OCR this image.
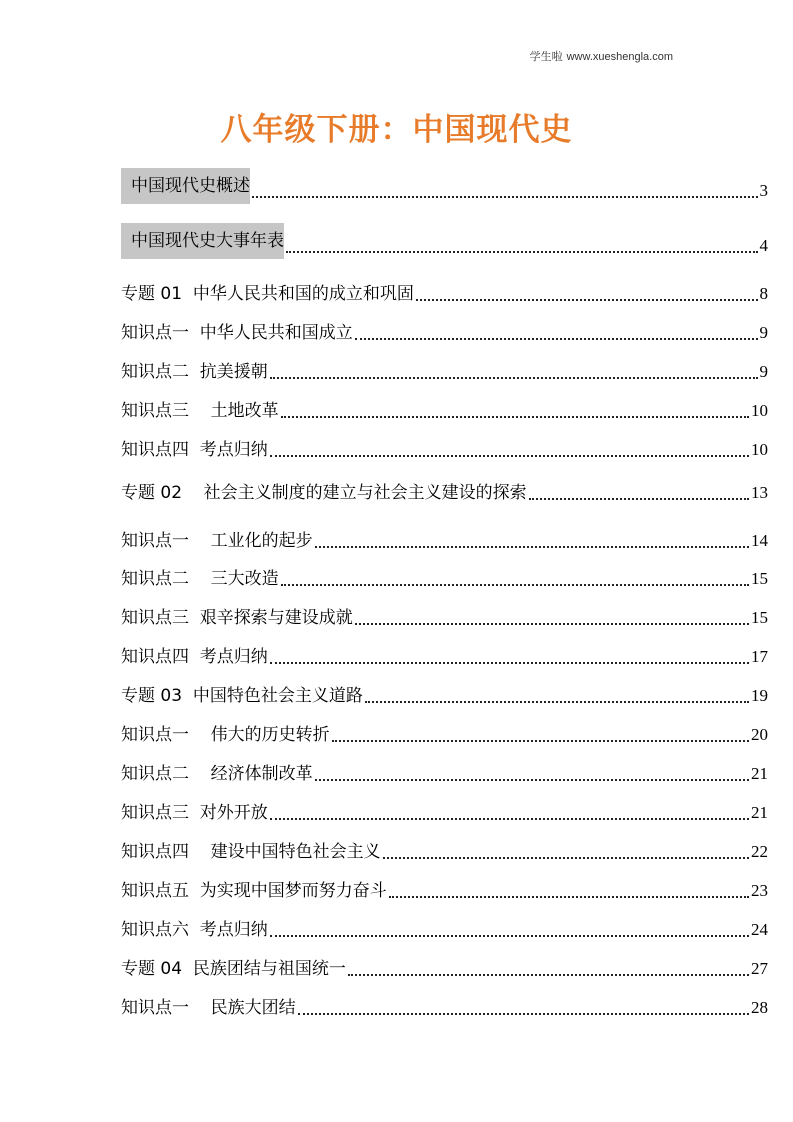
学生啦 www.xueshengla.com
八年级下册：中国现代史
中国现代史概述	3
中国现代史大事年表	4
专题 01  中华人民共和国的成立和巩固	8
知识点一  中华人民共和国成立	9
知识点二  抗美援朝	9
知识点三    土地改革	10
知识点四  考点归纳	10
专题 02    社会主义制度的建立与社会主义建设的探索	13
知识点一    工业化的起步	14
知识点二    三大改造	15
知识点三  艰辛探索与建设成就	15
知识点四  考点归纳	17
专题 03  中国特色社会主义道路	19
知识点一    伟大的历史转折	20
知识点二    经济体制改革	21
知识点三  对外开放	21
知识点四    建设中国特色社会主义	22
知识点五  为实现中国梦而努力奋斗	23
知识点六  考点归纳	24
专题 04  民族团结与祖国统一	27
知识点一    民族大团结	28
